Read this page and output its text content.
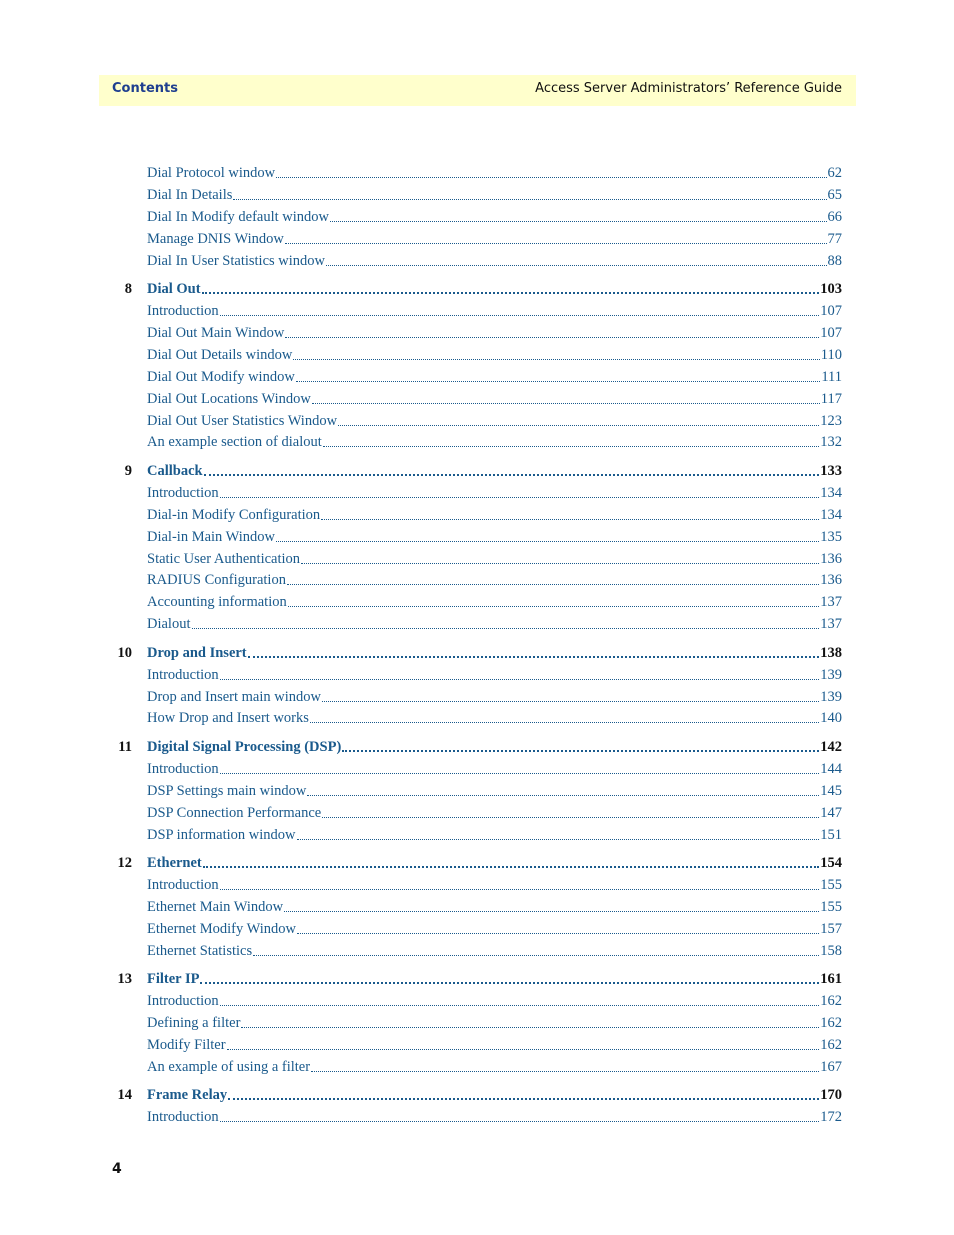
Contents	Access Server Administrators’ Reference Guide
Dial Protocol window	62
Dial In Details	65
Dial In Modify default window	66
Manage DNIS Window	77
Dial In User Statistics window	88
8 Dial Out	103
Introduction	107
Dial Out Main Window	107
Dial Out Details window	110
Dial Out Modify window	111
Dial Out Locations Window	117
Dial Out User Statistics Window	123
An example section of dialout	132
9 Callback	133
Introduction	134
Dial-in Modify Configuration	134
Dial-in Main Window	135
Static User Authentication	136
RADIUS Configuration	136
Accounting information	137
Dialout	137
10 Drop and Insert	138
Introduction	139
Drop and Insert main window	139
How Drop and Insert works	140
11 Digital Signal Processing (DSP)	142
Introduction	144
DSP Settings main window	145
DSP Connection Performance	147
DSP information window	151
12 Ethernet	154
Introduction	155
Ethernet Main Window	155
Ethernet Modify Window	157
Ethernet Statistics	158
13 Filter IP	161
Introduction	162
Defining a filter	162
Modify Filter	162
An example of using a filter	167
14 Frame Relay	170
Introduction	172
4
